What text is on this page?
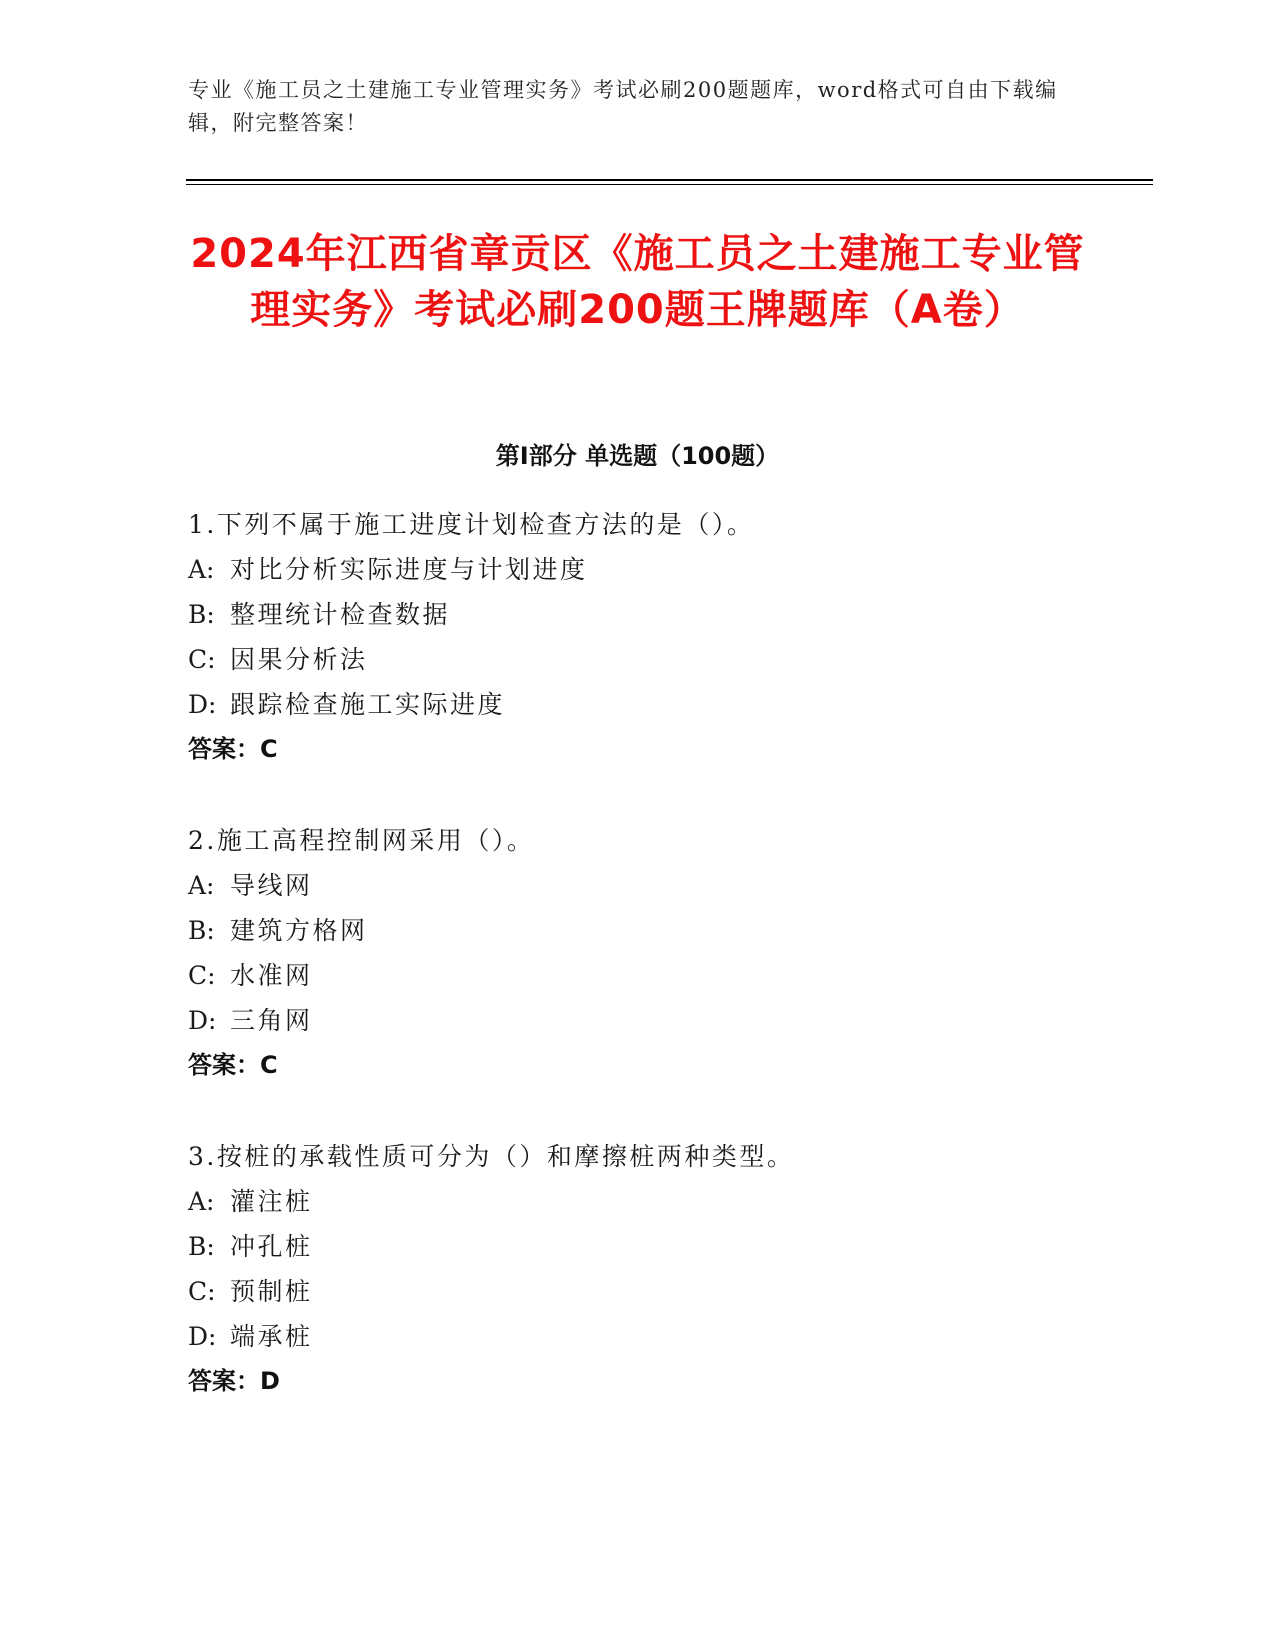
专业《施工员之土建施工专业管理实务》考试必刷200题题库，word格式可自由下载编辑，附完整答案！
2024年江西省章贡区《施工员之土建施工专业管理实务》考试必刷200题王牌题库（A卷）
第I部分 单选题（100题）
1.下列不属于施工进度计划检查方法的是（）。
A: 对比分析实际进度与计划进度
B: 整理统计检查数据
C: 因果分析法
D: 跟踪检查施工实际进度
答案：C
2.施工高程控制网采用（）。
A: 导线网
B: 建筑方格网
C: 水准网
D: 三角网
答案：C
3.按桩的承载性质可分为（）和摩擦桩两种类型。
A: 灌注桩
B: 冲孔桩
C: 预制桩
D: 端承桩
答案：D
